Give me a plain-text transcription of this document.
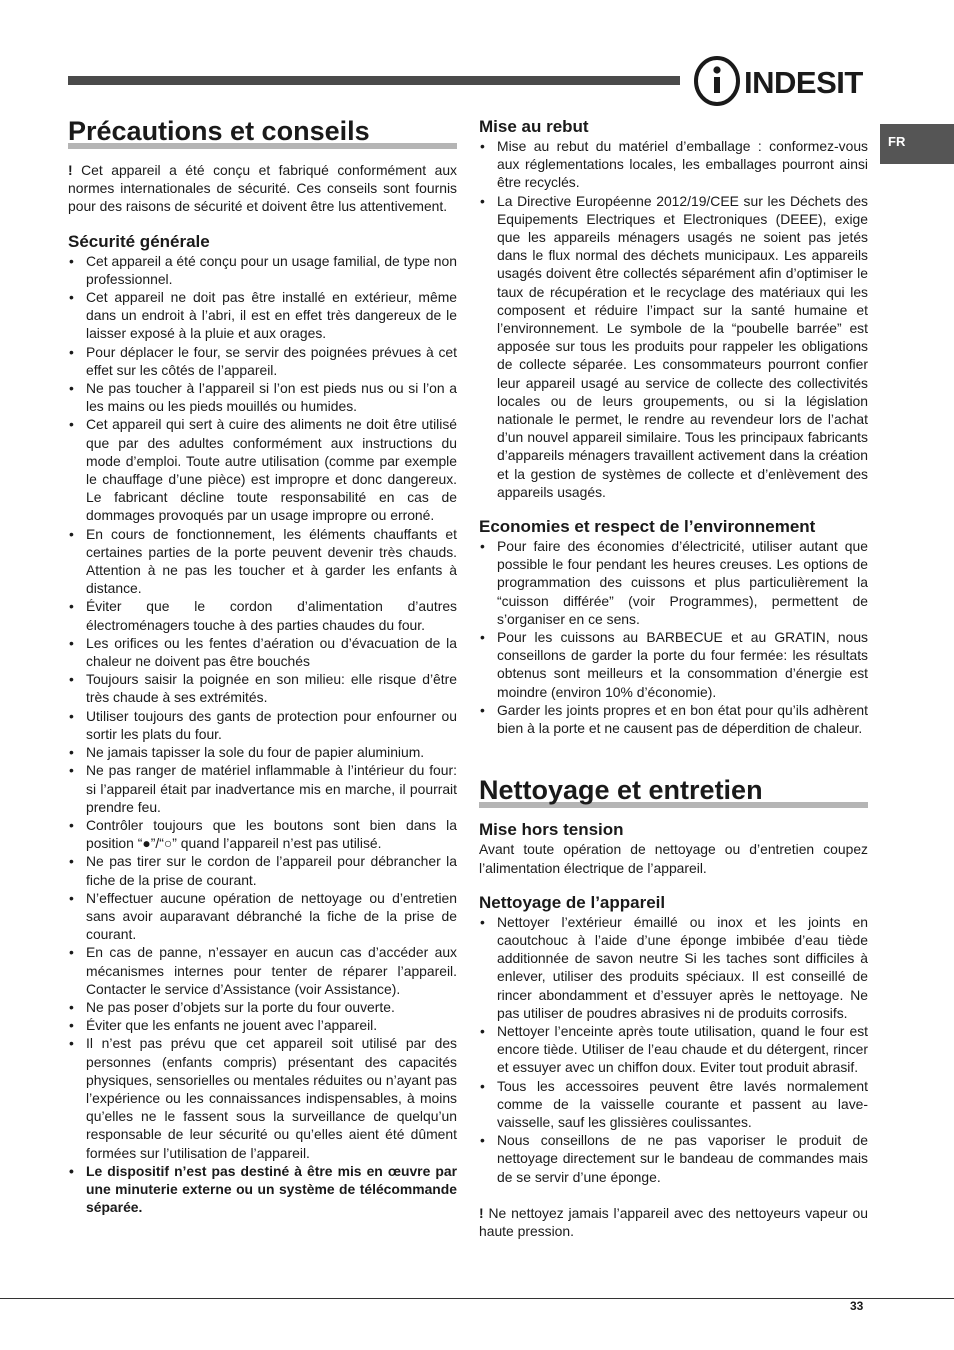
INDESIT
FR
Précautions et conseils

! Cet appareil a été conçu et fabriqué conformément aux normes internationales de sécurité. Ces conseils sont fournis pour des raisons de sécurité et doivent être lus attentivement.

Sécurité générale
• Cet appareil a été conçu pour un usage familial, de type non professionnel.
• Cet appareil ne doit pas être installé en extérieur, même dans un endroit à l’abri, il est en effet très dangereux de le laisser exposé à la pluie et aux orages.
• Pour déplacer le four, se servir des poignées prévues à cet effet sur les côtés de l’appareil.
• Ne pas toucher à l’appareil si l’on est pieds nus ou si l’on a les mains ou les pieds mouillés ou humides.
• Cet appareil qui sert à cuire des aliments ne doit être utilisé que par des adultes conformément aux instructions du mode d’emploi. Toute autre utilisation (comme par exemple le chauffage d’une pièce) est impropre et donc dangereux. Le fabricant décline toute responsabilité en cas de dommages provoqués par un usage impropre ou erroné.
• En cours de fonctionnement, les éléments chauffants et certaines parties de la porte peuvent devenir très chauds. Attention à ne pas les toucher et à garder les enfants à distance.
• Éviter que le cordon d’alimentation d’autres électroménagers touche à des parties chaudes du four.
• Les orifices ou les fentes d’aération ou d’évacuation de la chaleur ne doivent pas être bouchés
• Toujours saisir la poignée en son milieu: elle risque d’être très chaude à ses extrémités.
• Utiliser toujours des gants de protection pour enfourner ou sortir les plats du four.
• Ne jamais tapisser la sole du four de papier aluminium.
• Ne pas ranger de matériel inflammable à l’intérieur du four: si l’appareil était par inadvertance mis en marche, il pourrait prendre feu.
• Contrôler toujours que les boutons sont bien dans la position “●”/“○” quand l’appareil n’est pas utilisé.
• Ne pas tirer sur le cordon de l’appareil pour débrancher la fiche de la prise de courant.
• N’effectuer aucune opération de nettoyage ou d’entretien sans avoir auparavant débranché la fiche de la prise de courant.
• En cas de panne, n’essayer en aucun cas d’accéder aux mécanismes internes pour tenter de réparer l’appareil. Contacter le service d’Assistance (voir Assistance).
• Ne pas poser d’objets sur la porte du four ouverte.
• Éviter que les enfants ne jouent avec l’appareil.
• Il n’est pas prévu que cet appareil soit utilisé par des personnes (enfants compris) présentant des capacités physiques, sensorielles ou mentales réduites ou n’ayant pas l’expérience ou les connaissances indispensables, à moins qu’elles ne le fassent sous la surveillance de quelqu’un responsable de leur sécurité ou qu’elles aient été dûment formées sur l’utilisation de l’appareil.
• Le dispositif n’est pas destiné à être mis en œuvre par une minuterie externe ou un système de télécommande séparée.
Mise au rebut
• Mise au rebut du matériel d’emballage : conformez-vous aux réglementations locales, les emballages pourront ainsi être recyclés.
• La Directive Européenne 2012/19/CEE sur les Déchets des Equipements Electriques et Electroniques (DEEE), exige que les appareils ménagers usagés ne soient pas jetés dans le flux normal des déchets municipaux. Les appareils usagés doivent être collectés séparément afin d’optimiser le taux de récupération et le recyclage des matériaux qui les composent et réduire l’impact sur la santé humaine et l’environnement. Le symbole de la “poubelle barrée” est apposée sur tous les produits pour rappeler les obligations de collecte séparée. Les consommateurs pourront confier leur appareil usagé au service de collecte des collectivités locales ou de leurs groupements, ou si la législation nationale le permet, le rendre au revendeur lors de l’achat d’un nouvel appareil similaire. Tous les principaux fabricants d’appareils ménagers travaillent activement dans la création et la gestion de systèmes de collecte et d’enlèvement des appareils usagés.
Economies et respect de l’environnement
• Pour faire des économies d’électricité, utiliser autant que possible le four pendant les heures creuses. Les options de programmation des cuissons et plus particulièrement la “cuisson différée” (voir Programmes), permettent de s’organiser en ce sens.
• Pour les cuissons au BARBECUE et au GRATIN, nous conseillons de garder la porte du four fermée: les résultats obtenus sont meilleurs et la consommation d’énergie est moindre (environ 10% d’économie).
• Garder les joints propres et en bon état pour qu’ils adhèrent bien à la porte et ne causent pas de déperdition de chaleur.
Nettoyage et entretien
Mise hors tension

Avant toute opération de nettoyage ou d’entretien coupez l’alimentation électrique de l’appareil.

Nettoyage de l’appareil
• Nettoyer l’extérieur émaillé ou inox et les joints en caoutchouc à l’aide d’une éponge imbibée d’eau tiède additionnée de savon neutre Si les taches sont difficiles à enlever, utiliser des produits spéciaux. Il est conseillé de rincer abondamment et d’essuyer après le nettoyage. Ne pas utiliser de poudres abrasives ni de produits corrosifs.
• Nettoyer l’enceinte après toute utilisation, quand le four est encore tiède. Utiliser de l’eau chaude et du détergent, rincer et essuyer avec un chiffon doux. Eviter tout produit abrasif.
• Tous les accessoires peuvent être lavés normalement comme de la vaisselle courante et passent au lave-vaisselle, sauf les glissières coulissantes.
• Nous conseillons de ne pas vaporiser le produit de nettoyage directement sur le bandeau de commandes mais de se servir d’une éponge.

! Ne nettoyez jamais l’appareil avec des nettoyeurs vapeur ou haute pression.

33
